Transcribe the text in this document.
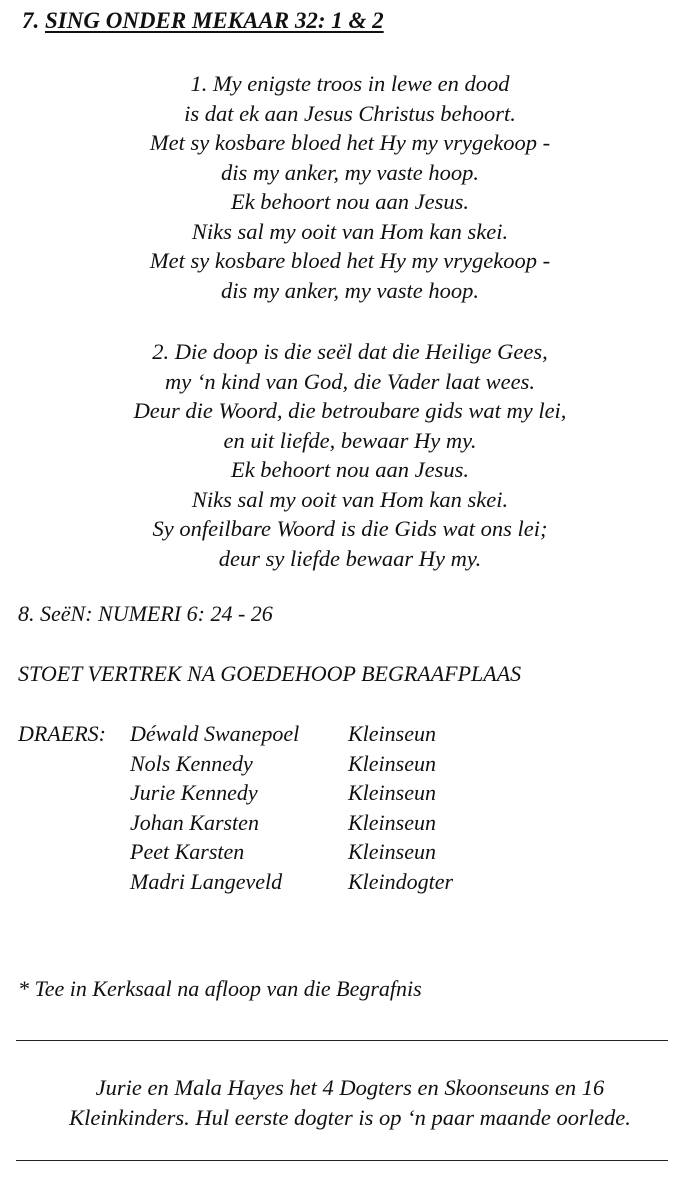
7. SING ONDER MEKAAR 32: 1 & 2
1. My enigste troos in lewe en dood
is dat ek aan Jesus Christus behoort.
Met sy kosbare bloed het Hy my vrygekoop -
dis my anker, my vaste hoop.
Ek behoort nou aan Jesus.
Niks sal my ooit van Hom kan skei.
Met sy kosbare bloed het Hy my vrygekoop -
dis my anker, my vaste hoop.
2. Die doop is die seël dat die Heilige Gees,
my ‘n kind van God, die Vader laat wees.
Deur die Woord, die betroubare gids wat my lei,
en uit liefde, bewaar Hy my.
Ek behoort nou aan Jesus.
Niks sal my ooit van Hom kan skei.
Sy onfeilbare Woord is die Gids wat ons lei;
deur sy liefde bewaar Hy my.

8. SeëN: NUMERI 6: 24 - 26

STOET VERTREK NA GOEDEHOOP BEGRAAFPLAAS

DRAERS: Déwald Swanepoel	Kleinseun
Nols Kennedy	Kleinseun
Jurie Kennedy	Kleinseun
Johan Karsten	Kleinseun
Peet Karsten	Kleinseun
Madri Langeveld	Kleindogter

* Tee in Kerksaal na afloop van die Begrafnis

Jurie en Mala Hayes het 4 Dogters en Skoonseuns en 16
Kleinkinders. Hul eerste dogter is op ‘n paar maande oorlede.
